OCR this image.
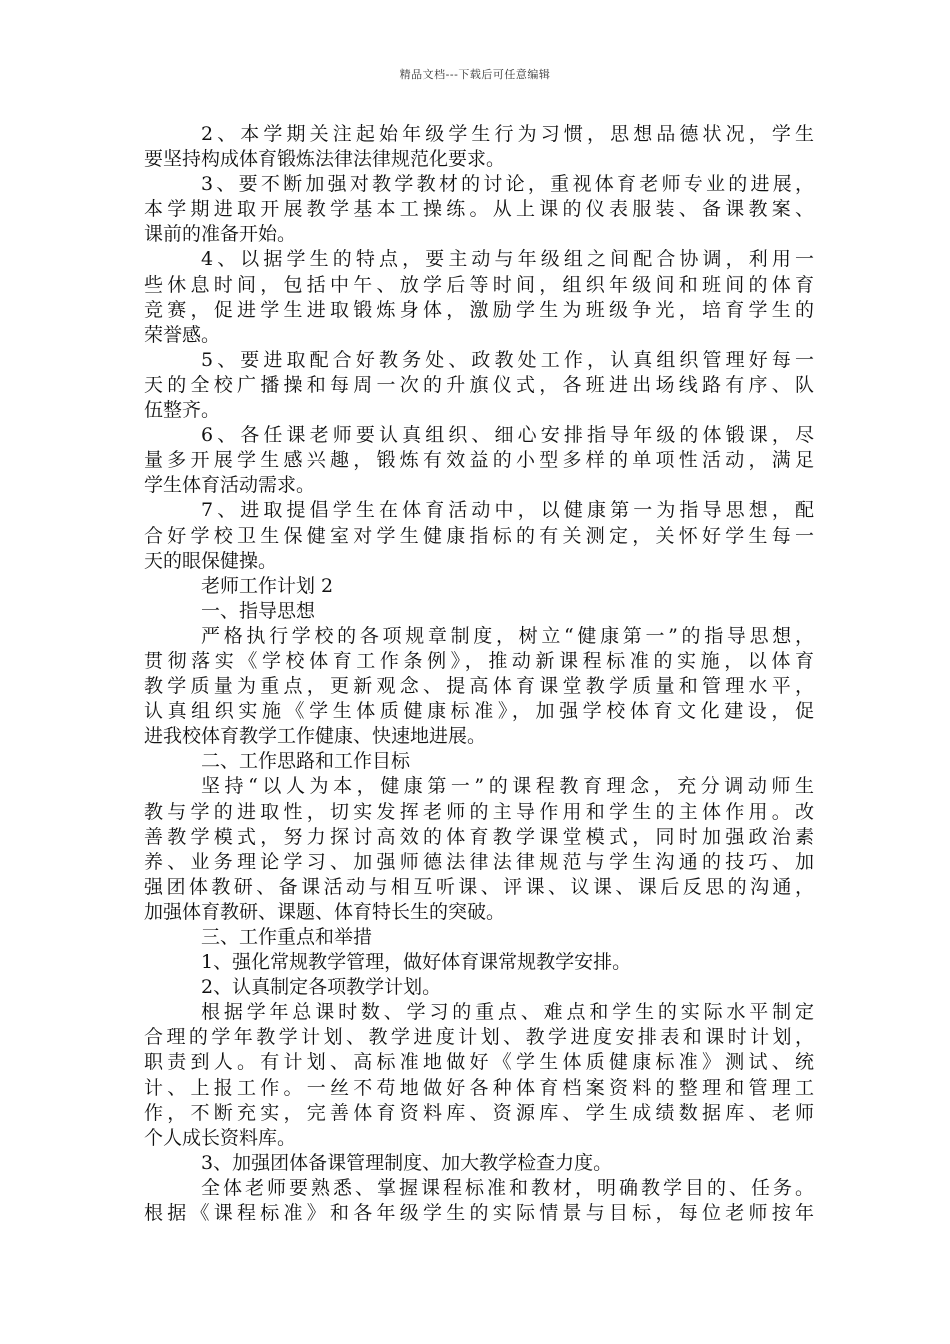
精品文档---下载后可任意编辑
2、本学期关注起始年级学生行为习惯，思想品德状况，学生
要坚持构成体育锻炼法律法律规范化要求。
3、要不断加强对教学教材的讨论，重视体育老师专业的进展，
本学期进取开展教学基本工操练。从上课的仪表服装、备课教案、
课前的准备开始。
4、以据学生的特点，要主动与年级组之间配合协调，利用一
些休息时间，包括中午、放学后等时间，组织年级间和班间的体育
竞赛，促进学生进取锻炼身体，激励学生为班级争光，培育学生的
荣誉感。
5、要进取配合好教务处、政教处工作，认真组织管理好每一
天的全校广播操和每周一次的升旗仪式，各班进出场线路有序、队
伍整齐。
6、各任课老师要认真组织、细心安排指导年级的体锻课，尽
量多开展学生感兴趣，锻炼有效益的小型多样的单项性活动，满足
学生体育活动需求。
7、进取提倡学生在体育活动中，以健康第一为指导思想，配
合好学校卫生保健室对学生健康指标的有关测定，关怀好学生每一
天的眼保健操。
老师工作计划 2
一、指导思想
严格执行学校的各项规章制度，树立“健康第一”的指导思想，
贯彻落实《学校体育工作条例》，推动新课程标准的实施，以体育
教学质量为重点，更新观念、提高体育课堂教学质量和管理水平，
认真组织实施《学生体质健康标准》，加强学校体育文化建设，促
进我校体育教学工作健康、快速地进展。
二、工作思路和工作目标
坚持“以人为本，健康第一”的课程教育理念，充分调动师生
教与学的进取性，切实发挥老师的主导作用和学生的主体作用。改
善教学模式，努力探讨高效的体育教学课堂模式，同时加强政治素
养、业务理论学习、加强师德法律法律规范与学生沟通的技巧、加
强团体教研、备课活动与相互听课、评课、议课、课后反思的沟通，
加强体育教研、课题、体育特长生的突破。
三、工作重点和举措
1、强化常规教学管理，做好体育课常规教学安排。
2、认真制定各项教学计划。
根据学年总课时数、学习的重点、难点和学生的实际水平制定
合理的学年教学计划、教学进度计划、教学进度安排表和课时计划，
职责到人。有计划、高标准地做好《学生体质健康标准》测试、统
计、上报工作。一丝不苟地做好各种体育档案资料的整理和管理工
作，不断充实，完善体育资料库、资源库、学生成绩数据库、老师
个人成长资料库。
3、加强团体备课管理制度、加大教学检查力度。
全体老师要熟悉、掌握课程标准和教材，明确教学目的、任务。
根据《课程标准》和各年级学生的实际情景与目标，每位老师按年
